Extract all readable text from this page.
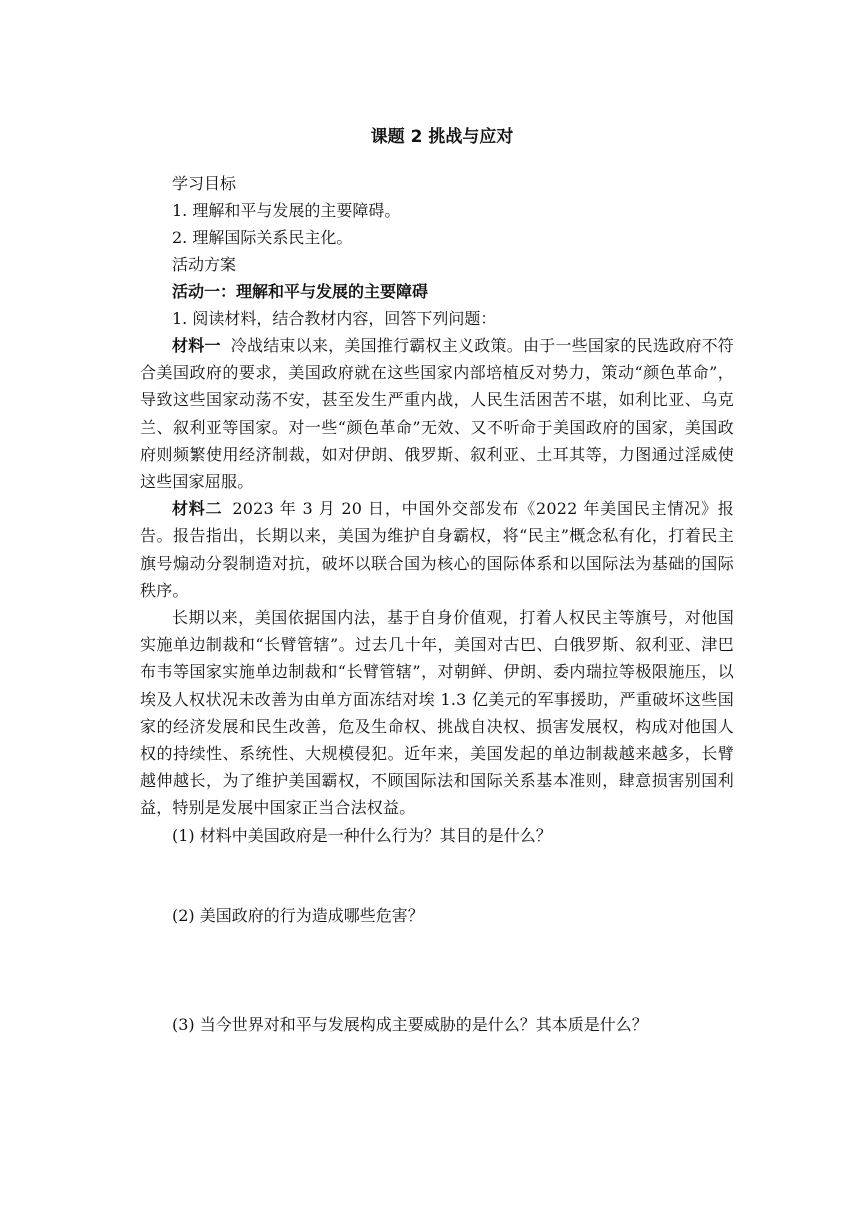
课题 2 挑战与应对

学习目标

1. 理解和平与发展的主要障碍。

2. 理解国际关系民主化。

活动方案

活动一：理解和平与发展的主要障碍

1. 阅读材料，结合教材内容，回答下列问题：

材料一 冷战结束以来，美国推行霸权主义政策。由于一些国家的民选政府不符合美国政府的要求，美国政府就在这些国家内部培植反对势力，策动“颜色革命”，导致这些国家动荡不安，甚至发生严重内战，人民生活困苦不堪，如利比亚、乌克兰、叙利亚等国家。对一些“颜色革命”无效、又不听命于美国政府的国家，美国政府则频繁使用经济制裁，如对伊朗、俄罗斯、叙利亚、土耳其等，力图通过淫威使这些国家屈服。

材料二 2023 年 3 月 20 日，中国外交部发布《2022 年美国民主情况》报告。报告指出，长期以来，美国为维护自身霸权，将“民主”概念私有化，打着民主旗号煽动分裂制造对抗，破坏以联合国为核心的国际体系和以国际法为基础的国际秩序。

长期以来，美国依据国内法，基于自身价值观，打着人权民主等旗号，对他国实施单边制裁和“长臂管辖”。过去几十年，美国对古巴、白俄罗斯、叙利亚、津巴布韦等国家实施单边制裁和“长臂管辖”，对朝鲜、伊朗、委内瑞拉等极限施压，以埃及人权状况未改善为由单方面冻结对埃 1.3 亿美元的军事援助，严重破坏这些国家的经济发展和民生改善，危及生命权、挑战自决权、损害发展权，构成对他国人权的持续性、系统性、大规模侵犯。近年来，美国发起的单边制裁越来越多，长臂越伸越长，为了维护美国霸权，不顾国际法和国际关系基本准则，肆意损害别国利益，特别是发展中国家正当合法权益。

(1) 材料中美国政府是一种什么行为？其目的是什么？

(2) 美国政府的行为造成哪些危害？

(3) 当今世界对和平与发展构成主要威胁的是什么？其本质是什么？
